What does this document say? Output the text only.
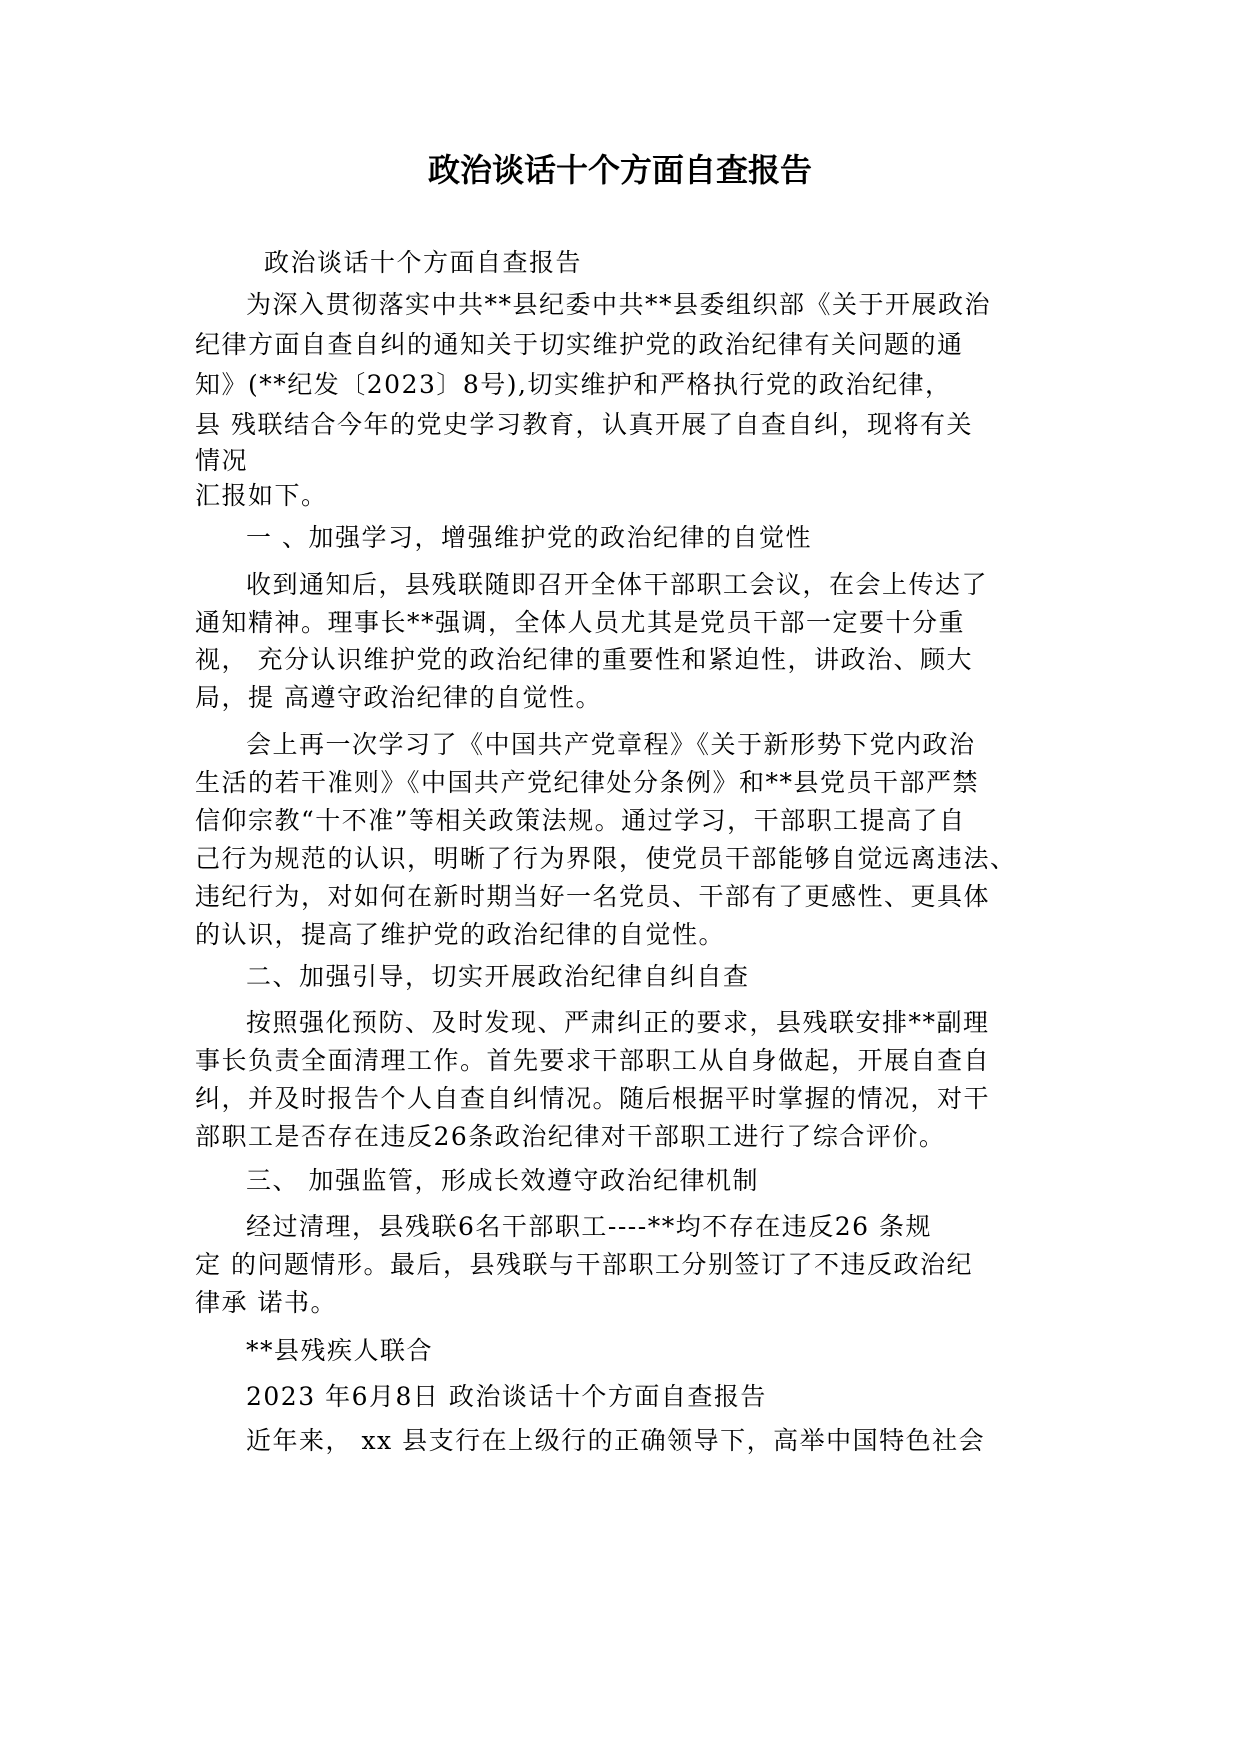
政治谈话十个方面自查报告

政治谈话十个方面自查报告

为深入贯彻落实中共**县纪委中共**县委组织部《关于开展政治

纪律方面自查自纠的通知关于切实维护党的政治纪律有关问题的通

知》(**纪发〔2023〕8号),切实维护和严格执行党的政治纪律，

县 残联结合今年的党史学习教育，认真开展了自查自纠，现将有关

情况

汇报如下。

一 、加强学习，增强维护党的政治纪律的自觉性

收到通知后，县残联随即召开全体干部职工会议，在会上传达了

通知精神。理事长**强调，全体人员尤其是党员干部一定要十分重

视， 充分认识维护党的政治纪律的重要性和紧迫性，讲政治、顾大

局，提 高遵守政治纪律的自觉性。

会上再一次学习了《中国共产党章程》《关于新形势下党内政治

生活的若干准则》《中国共产党纪律处分条例》和**县党员干部严禁

信仰宗教“十不准”等相关政策法规。通过学习，干部职工提高了自

己行为规范的认识，明晰了行为界限，使党员干部能够自觉远离违法、

违纪行为，对如何在新时期当好一名党员、干部有了更感性、更具体

的认识，提高了维护党的政治纪律的自觉性。

二、加强引导，切实开展政治纪律自纠自查

按照强化预防、及时发现、严肃纠正的要求，县残联安排**副理

事长负责全面清理工作。首先要求干部职工从自身做起，开展自查自

纠，并及时报告个人自查自纠情况。随后根据平时掌握的情况，对干

部职工是否存在违反26条政治纪律对干部职工进行了综合评价。

三、 加强监管，形成长效遵守政治纪律机制

经过清理，县残联6名干部职工----**均不存在违反26 条规

定 的问题情形。最后，县残联与干部职工分别签订了不违反政治纪

律承 诺书。

**县残疾人联合

2023 年6月8日 政治谈话十个方面自查报告

近年来， xx 县支行在上级行的正确领导下，高举中国特色社会
